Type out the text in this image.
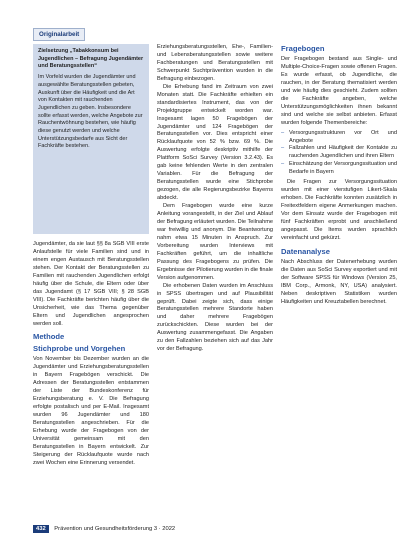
Originalarbeit

Zielsetzung „Tabakkonsum bei Jugendlichen – Befragung Jugendämter und Beratungsstellen“

Im Vorfeld wurden die Jugendämter und ausgewählte Beratungsstellen gebeten, Auskunft über die Häufigkeit und die Art von Kontakten mit rauchenden Jugendlichen zu geben. Insbesondere sollte erfasst werden, welche Angebote zur Rauchentwöhnung bestehen, wie häufig diese genutzt werden und welche Unterstützungsbedarfe aus Sicht der Fachkräfte bestehen.

Jugendämter, da sie laut §§ 8a SGB VIII erste Anlaufstelle für viele Familien sind und in einem engen Austausch mit Beratungsstellen stehen. Der Kontakt der Beratungsstellen zu Familien mit rauchenden Jugendlichen erfolgt häufig über die Schule, die Eltern oder über das Jugendamt (§ 17 SGB VIII; § 28 SGB VIII). Die Fachkräfte berichten häufig über die Unsicherheit, wie das Thema gegenüber Eltern und Jugendlichen angesprochen werden soll.

Methode
Stichprobe und Vorgehen

Von November bis Dezember wurden an die Jugendämter und Erziehungsberatungsstellen in Bayern Fragebögen verschickt. Die Adressen der Beratungsstellen entstammen der Liste der Bundeskonferenz für Erziehungsberatung e. V. Die Befragung erfolgte postalisch und per E-Mail. Insgesamt wurden 96 Jugendämter und 180 Beratungsstellen angeschrieben. Für die Erhebung wurde der Fragebogen von der Universität gemeinsam mit den Beratungsstellen in Bayern entwickelt. Zur Steigerung der Rücklaufquote wurde nach zwei Wochen eine Erinnerung versendet.

Erziehungsberatungsstellen, Ehe-, Familien- und Lebensberatungsstellen sowie weitere Fachberatungen und Beratungsstellen mit Schwerpunkt Suchtprävention wurden in die Befragung einbezogen.

Die Erhebung fand im Zeitraum von zwei Monaten statt. Die Fachkräfte erhielten ein standardisiertes Instrument, das von der Projektgruppe entwickelt worden war. Insgesamt lagen 50 Fragebögen der Jugendämter und 124 Fragebögen der Beratungsstellen vor. Dies entspricht einer Rücklaufquote von 52 % bzw. 69 %. Die Auswertung erfolgte deskriptiv mithilfe der Plattform SoSci Survey (Version 3.2.43). Es gab keine fehlenden Werte in den zentralen Variablen. Für die Befragung der Beratungsstellen wurde eine Stichprobe gezogen, die alle Regierungsbezirke Bayerns abdeckt.

Dem Fragebogen wurde eine kurze Anleitung vorangestellt, in der Ziel und Ablauf der Befragung erläutert wurden. Die Teilnahme war freiwillig und anonym. Die Beantwortung nahm etwa 15 Minuten in Anspruch. Zur Vorbereitung wurden Interviews mit Fachkräften geführt, um die inhaltliche Passung des Fragebogens zu prüfen. Die Ergebnisse der Pilotierung wurden in die finale Version aufgenommen.

Die erhobenen Daten wurden im Anschluss in SPSS übertragen und auf Plausibilität geprüft. Dabei zeigte sich, dass einige Beratungsstellen mehrere Standorte haben und daher mehrere Fragebögen zurückschickten. Diese wurden bei der Auswertung zusammengefasst. Die Angaben zu den Fallzahlen beziehen sich auf das Jahr vor der Befragung.

Fragebogen

Der Fragebogen bestand aus Single- und Multiple-Choice-Fragen sowie offenen Fragen. Es wurde erfasst, ob Jugendliche, die rauchen, in der Beratung thematisiert werden und wie häufig dies geschieht. Zudem sollten die Fachkräfte angeben, welche Unterstützungsmöglichkeiten ihnen bekannt sind und welche sie selbst anbieten. Erfasst wurden folgende Themenbereiche:

– Versorgungsstrukturen vor Ort und Angebote
– Fallzahlen und Häufigkeit der Kontakte zu rauchenden Jugendlichen und ihren Eltern
– Einschätzung der Versorgungssituation und Bedarfe in Bayern

Die Fragen zur Versorgungssituation wurden mit einer vierstufigen Likert-Skala erhoben. Die Fachkräfte konnten zusätzlich in Freitextfeldern eigene Anmerkungen machen. Vor dem Einsatz wurde der Fragebogen mit fünf Fachkräften erprobt und anschließend angepasst. Die Items wurden sprachlich vereinfacht und gekürzt.

Datenanalyse

Nach Abschluss der Datenerhebung wurden die Daten aus SoSci Survey exportiert und mit der Software SPSS für Windows (Version 25, IBM Corp., Armonk, NY, USA) analysiert. Neben deskriptiven Statistiken wurden Häufigkeiten und Kreuztabellen berechnet.

432 Prävention und Gesundheitsförderung 3 · 2022
